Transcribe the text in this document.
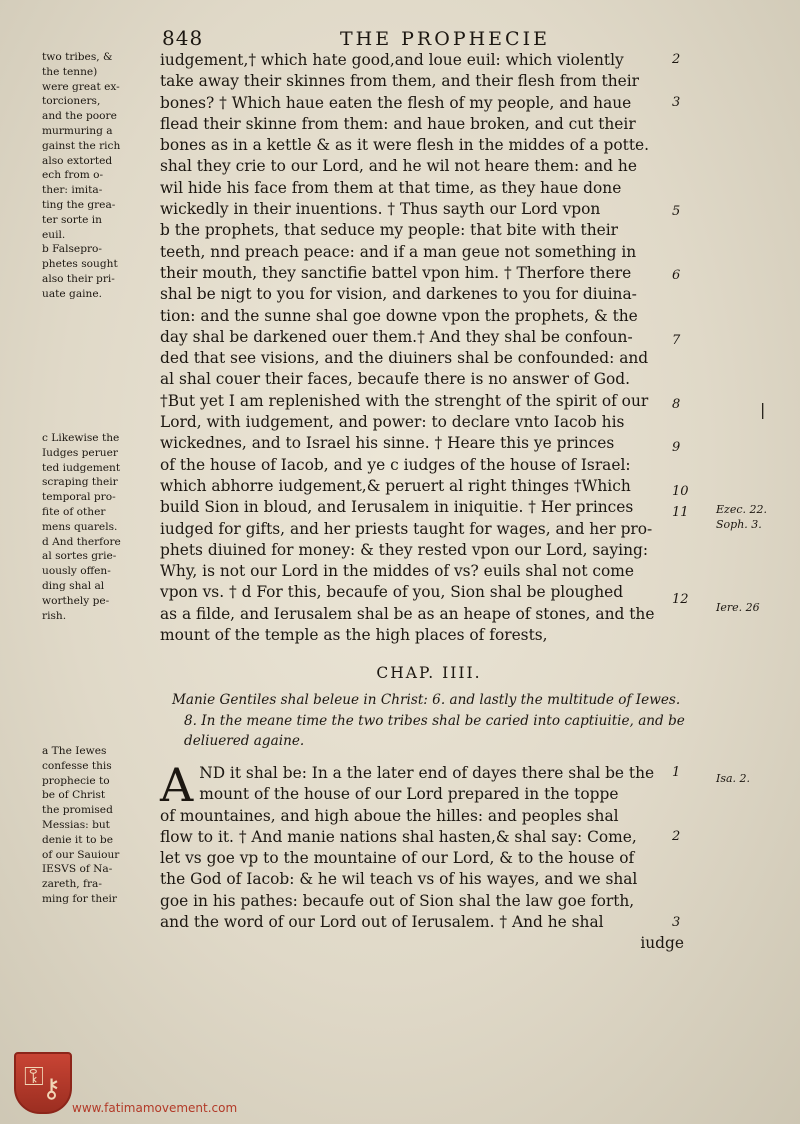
848	THE PROPHECIE

two tribes, &

the tenne)

were great ex-

torcioners,

and the poore

murmuring a

gainst the rich

also extorted

ech from o-

ther: imita-

ting the grea-

ter sorte in

euil.

b Falsepro-

phetes sought

also their pri-

uate gaine.

c Likewise the

Iudges peruer

ted iudgement

scraping their

temporal pro-

fite of other

mens quarels.

d And therfore

al sortes grie-

uously offen-

ding shal al

worthely pe-

rish.

a The Iewes

confesse this

prophecie to

be of Christ

the promised

Messias: but

denie it to be

of our Sauiour

IESVS of Na-

zareth, fra-

ming for their

iudgement,† which hate good,and loue euil: which violently

take away their skinnes from them, and their flesh from their

bones? † Which haue eaten the flesh of my people, and haue

flead their skinne from them: and haue broken, and cut their

bones as in a kettle & as it were flesh in the middes of a potte.

shal they crie to our Lord, and he wil not heare them: and he

wil hide his face from them at that time, as they haue done

wickedly in their inuentions. † Thus sayth our Lord vpon

b the prophets, that seduce my people: that bite with their

teeth, nnd preach peace: and if a man geue not something in

their mouth, they sanctifie battel vpon him. † Therfore there

shal be nigt to you for vision, and darkenes to you for diuina-

tion: and the sunne shal goe downe vpon the prophets, & the

day shal be darkened ouer them.† And they shal be confoun-

ded that see visions, and the diuiners shal be confounded: and

al shal couer their faces, becaufe there is no answer of God.

†But yet I am replenished with the strenght of the spirit of our

Lord, with iudgement, and power: to declare vnto Iacob his

wickednes, and to Israel his sinne. † Heare this ye princes

of the house of Iacob, and ye c iudges of the house of Israel:

which abhorre iudgement,& peruert al right thinges †Which

build Sion in bloud, and Ierusalem in iniquitie. † Her princes

iudged for gifts, and her priests taught for wages, and her pro-

phets diuined for money: & they rested vpon our Lord, saying:

Why, is not our Lord in the middes of vs? euils shal not come

vpon vs. † d For this, becaufe of you, Sion shal be ploughed

as a filde, and Ierusalem shal be as an heape of stones, and the

mount of the temple as the high places of forests,

CHAP. IIII.

Manie Gentiles shal beleue in Christ: 6. and lastly the multitude of Iewes.

8. In the meane time the two tribes shal be caried into captiuitie, and be

deliuered againe.

A ND it shal be: In a the later end of dayes there shal be the

mount of the house of our Lord prepared in the toppe

of mountaines, and high aboue the hilles: and peoples shal

flow to it. † And manie nations shal hasten,& shal say: Come,

let vs goe vp to the mountaine of our Lord, & to the house of

the God of Iacob: & he wil teach vs of his wayes, and we shal

goe in his pathes: becaufe out of Sion shal the law goe forth,

and the word of our Lord out of Ierusalem. † And he shal

iudge

2
3
5
6
7
8
9
10
11
12
1
2
3
Ezec. 22.
Soph. 3.
Iere. 26
Isa. 2.
|
⚿
⚷
www.fatimamovement.com
